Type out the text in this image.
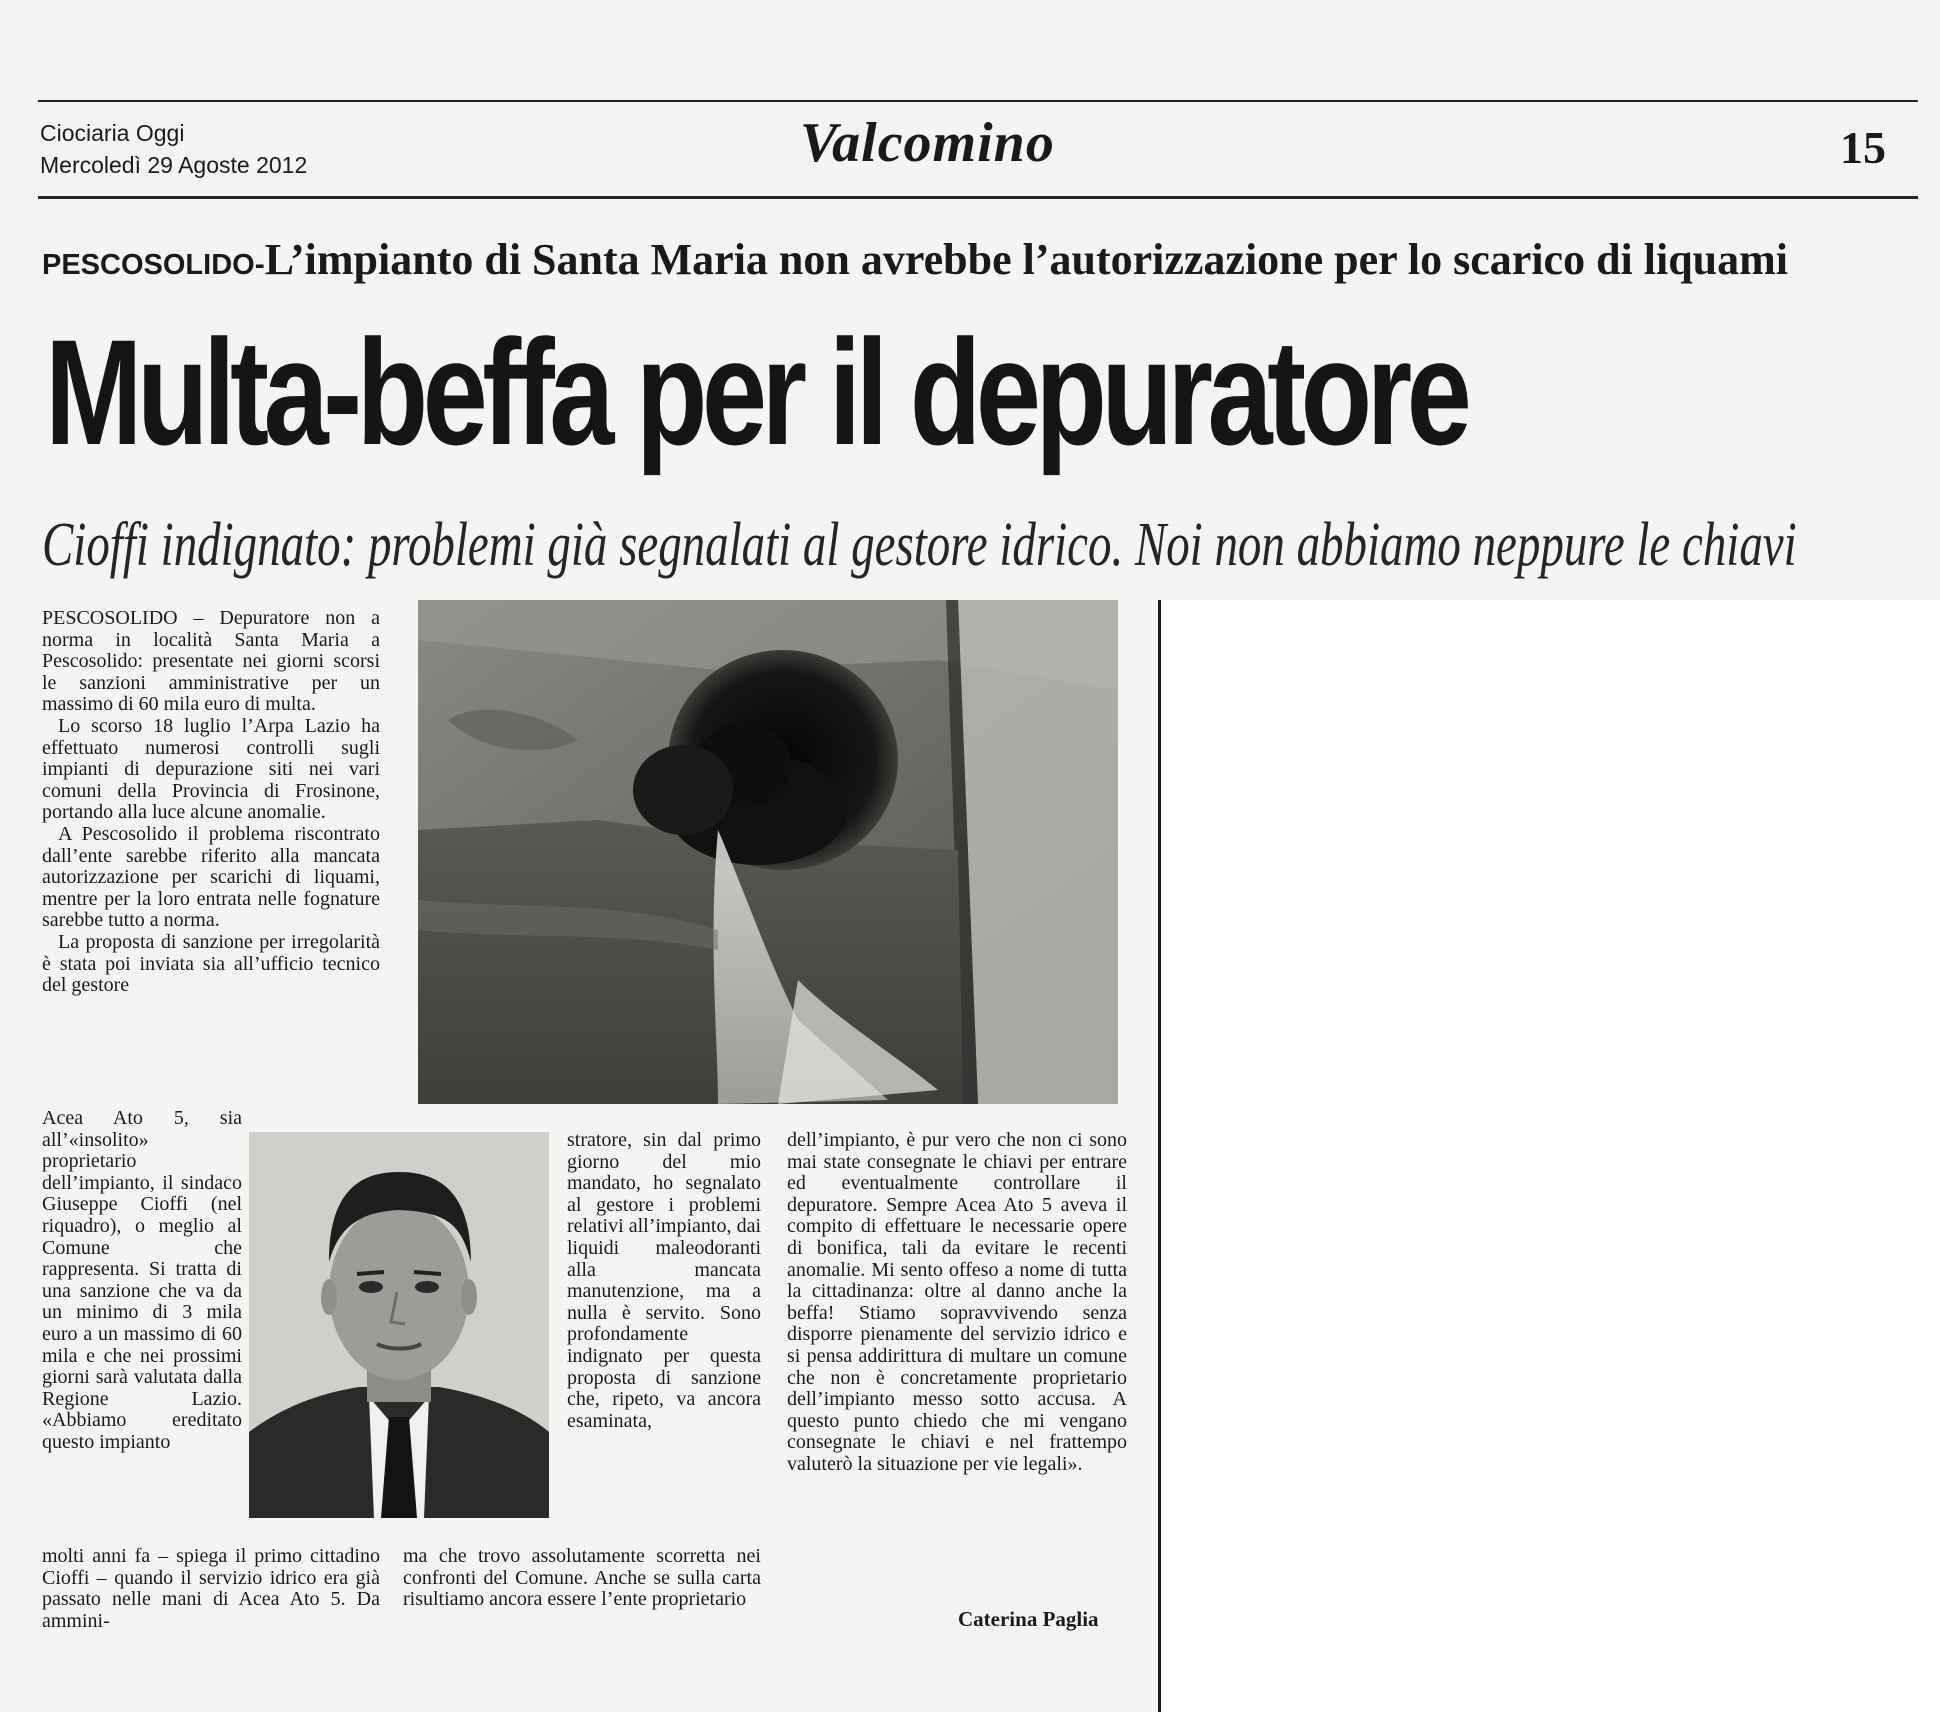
Ciociaria Oggi
Mercoledì 29 Agoste 2012	Valcomino	15
PESCOSOLIDO-L’impianto di Santa Maria non avrebbe l’autorizzazione per lo scarico di liquami
Multa-beffa per il depuratore
Cioffi indignato: problemi già segnalati al gestore idrico. Noi non abbiamo neppure le chiavi

PESCOSOLIDO – Depuratore non a norma in località Santa Maria a Pescosolido: presentate nei giorni scorsi le sanzioni amministrative per un massimo di 60 mila euro di multa.

Lo scorso 18 luglio l’Arpa Lazio ha effettuato numerosi controlli sugli impianti di depurazione siti nei vari comuni della Provincia di Frosinone, portando alla luce alcune anomalie.

A Pescosolido il problema riscontrato dall’ente sarebbe riferito alla mancata autorizzazione per scarichi di liquami, mentre per la loro entrata nelle fognature sarebbe tutto a norma.

La proposta di sanzione per irregolarità è stata poi inviata sia all’ufficio tecnico del gestore

Acea Ato 5, sia all’«insolito» proprietario dell’impianto, il sindaco Giuseppe Cioffi (nel riquadro), o meglio al Comune che rappresenta. Si tratta di una sanzione che va da un minimo di 3 mila euro a un massimo di 60 mila e che nei prossimi giorni sarà valutata dalla Regione Lazio. «Abbiamo ereditato questo impianto

molti anni fa – spiega il primo cittadino Cioffi – quando il servizio idrico era già passato nelle mani di Acea Ato 5. Da ammini-

stratore, sin dal primo giorno del mio mandato, ho segnalato al gestore i problemi relativi all’impianto, dai liquidi maleodoranti alla mancata manutenzione, ma a nulla è servito. Sono profondamente indignato per questa proposta di sanzione che, ripeto, va ancora esaminata,

ma che trovo assolutamente scorretta nei confronti del Comune. Anche se sulla carta risultiamo ancora essere l’ente proprietario

dell’impianto, è pur vero che non ci sono mai state consegnate le chiavi per entrare ed eventualmente controllare il depuratore. Sempre Acea Ato 5 aveva il compito di effettuare le necessarie opere di bonifica, tali da evitare le recenti anomalie. Mi sento offeso a nome di tutta la cittadinanza: oltre al danno anche la beffa! Stiamo sopravvivendo senza disporre pienamente del servizio idrico e si pensa addirittura di multare un comune che non è concretamente proprietario dell’impianto messo sotto accusa. A questo punto chiedo che mi vengano consegnate le chiavi e nel frattempo valuterò la situazione per vie legali».

Caterina Paglia
